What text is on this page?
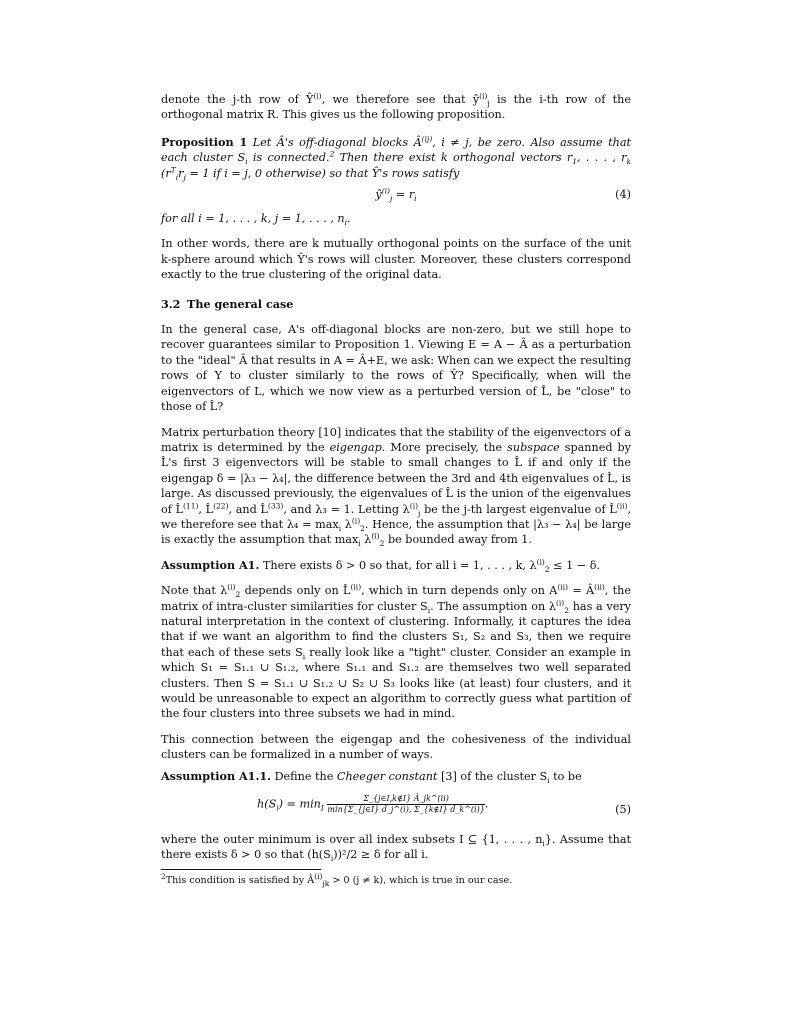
denote the j-th row of $Ŷ^{(i)}$, we therefore see that $ŷ^{(i)}_j$ is the i-th row of the orthogonal matrix R. This gives us the following proposition.

Proposition 1 Let Â's off-diagonal blocks $Â^{(ij)}$, i ≠ j, be zero. Also assume that each cluster $S_i$ is connected.$^2$ Then there exist k orthogonal vectors $r_1$, . . . , $r_k$ ($r^T_ir_j = 1$ if i = j, 0 otherwise) so that Ŷ's rows satisfy

$ŷ^{(i)}_j = r_i$	(4)

for all i = 1, . . . , k, j = 1, . . . , $n_i$.

In other words, there are k mutually orthogonal points on the surface of the unit k-sphere around which Ŷ's rows will cluster. Moreover, these clusters correspond exactly to the true clustering of the original data.

3.2 The general case

In the general case, A's off-diagonal blocks are non-zero, but we still hope to recover guarantees similar to Proposition 1. Viewing E = A − Â as a perturbation to the "ideal" Â that results in A = Â+E, we ask: When can we expect the resulting rows of Y to cluster similarly to the rows of Ŷ? Specifically, when will the eigenvectors of L, which we now view as a perturbed version of L̂, be "close" to those of L̂?

Matrix perturbation theory [10] indicates that the stability of the eigenvectors of a matrix is determined by the eigengap. More precisely, the subspace spanned by L̂'s first 3 eigenvectors will be stable to small changes to L̂ if and only if the eigengap δ = |λ₃ − λ₄|, the difference between the 3rd and 4th eigenvalues of L̂, is large. As discussed previously, the eigenvalues of L̂ is the union of the eigenvalues of L̂$^{(11)}$, L̂$^{(22)}$, and L̂$^{(33)}$, and λ₃ = 1. Letting $\lambda^{(i)}_j$ be the j-th largest eigenvalue of L̂$^{(ii)}$, we therefore see that $\lambda_4 = \max_i \lambda^{(i)}_2$. Hence, the assumption that |λ₃ − λ₄| be large is exactly the assumption that $\max_i \lambda^{(i)}_2$ be bounded away from 1.

Assumption A1. There exists δ > 0 so that, for all i = 1, . . . , k, $\lambda^{(i)}_2 \le 1 - \delta$.

Note that $\lambda^{(i)}_2$ depends only on L̂$^{(ii)}$, which in turn depends only on $A^{(ii)}$ = $Â^{(ii)}$, the matrix of intra-cluster similarities for cluster $S_i$. The assumption on $\lambda^{(i)}_2$ has a very natural interpretation in the context of clustering. Informally, it captures the idea that if we want an algorithm to find the clusters S₁, S₂ and S₃, then we require that each of these sets $S_i$ really look like a "tight" cluster. Consider an example in which S₁ = S₁.₁ ∪ S₁.₂, where S₁.₁ and S₁.₂ are themselves two well separated clusters. Then S = S₁.₁ ∪ S₁.₂ ∪ S₂ ∪ S₃ looks like (at least) four clusters, and it would be unreasonable to expect an algorithm to correctly guess what partition of the four clusters into three subsets we had in mind.

This connection between the eigengap and the cohesiveness of the individual clusters can be formalized in a number of ways.

Assumption A1.1. Define the Cheeger constant [3] of the cluster $S_i$ to be

$h(S_i) = \min_I \frac{\Sigma\_\{j\in I,k\notin I\} Â\_jk\^{}(ii)}{\min\{\Sigma\_\{j\in I\} d̂\_j\^{}(i), \Sigma\_\{k\notin I\} d̂\_k\^{}(i)\}}$ .	(5)

where the outer minimum is over all index subsets I ⊆ {1, . . . , $n_i$}. Assume that there exists δ > 0 so that $(h(S_i))^2/2 \ge \delta$ for all i.

$^2$This condition is satisfied by $Â^{(i)}_{jk} > 0$ (j ≠ k), which is true in our case.
